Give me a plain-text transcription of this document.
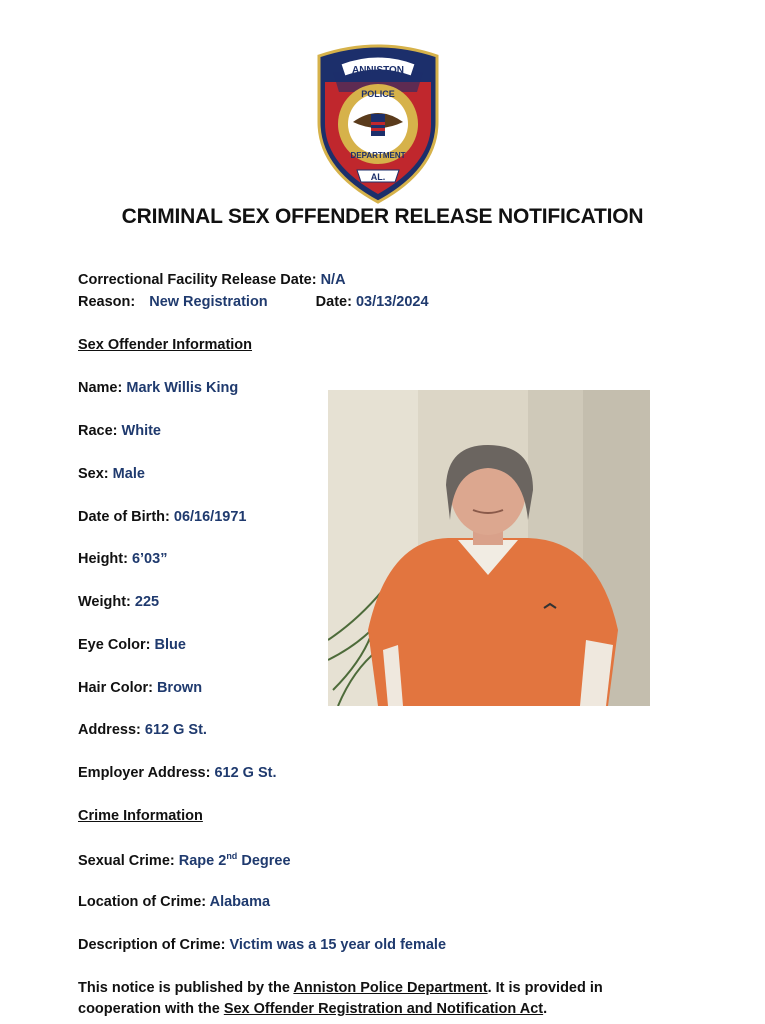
ANNISTON
POLICE
DEPARTMENT
AL.
CRIMINAL SEX OFFENDER RELEASE NOTIFICATION
Correctional Facility Release Date: N/A
Reason: New Registration	Date: 03/13/2024
Sex Offender Information
Name: Mark Willis King
Race: White
Sex: Male
Date of Birth: 06/16/1971
Height: 6’03”
Weight: 225
Eye Color: Blue
Hair Color: Brown
Address: 612 G St.
Employer Address: 612 G St.
Crime Information
Sexual Crime: Rape 2nd Degree
Location of Crime: Alabama
Description of Crime: Victim was a 15 year old female
This notice is published by the Anniston Police Department. It is provided in
cooperation with the Sex Offender Registration and Notification Act.
